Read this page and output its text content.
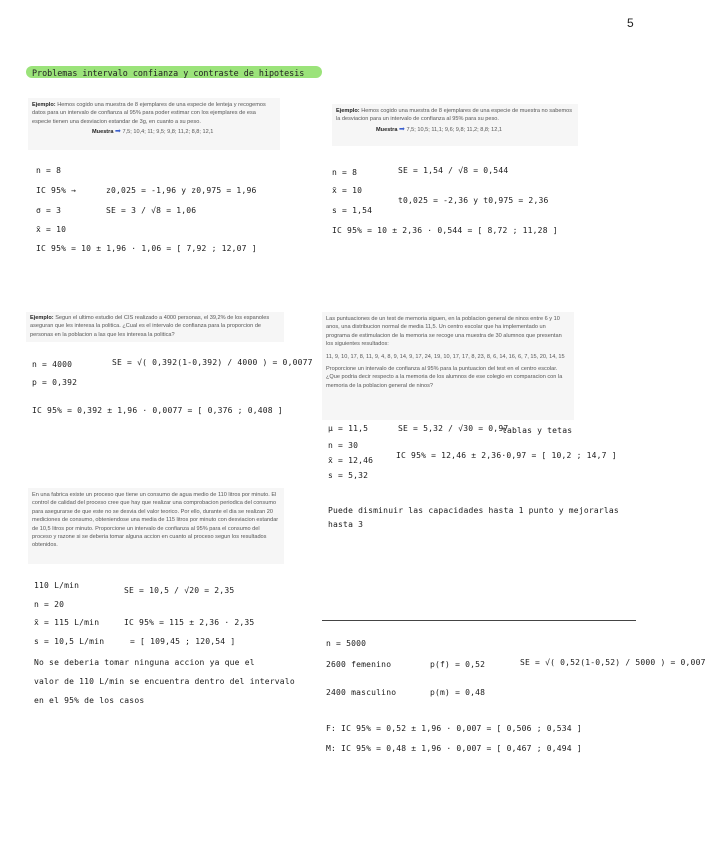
5
Problemas intervalo confianza y contraste de hipotesis
Ejemplo: Hemos cogido una muestra de 8 ejemplares de una especie de lenteja y recogemos datos para un intervalo de confianza al 95% para poder estimar con los ejemplares de esa especie tienen una desviacion estandar de 3g, en cuanto a su peso.
Muestra ➡ 7,5; 10,4; 11; 9,5; 9,8; 11,2; 8,8; 12,1
n = 8
IC 95% →	z0,025 = -1,96 y z0,975 = 1,96
σ = 3	SE = 3 / √8 = 1,06
x̄ = 10
IC 95% = 10 ± 1,96 · 1,06 = [ 7,92 ; 12,07 ]
Ejemplo: Hemos cogido una muestra de 8 ejemplares de una especie de muestra no sabemos la desviacion para un intervalo de confianza al 95% para su peso.
Muestra ➡ 7,5; 10,5; 11,1; 9,6; 9,8; 11,2; 8,8; 12,1
n = 8	SE = 1,54 / √8 = 0,544
x̄ = 10
t0,025 = -2,36 y t0,975 = 2,36
s = 1,54
IC 95% = 10 ± 2,36 · 0,544 = [ 8,72 ; 11,28 ]
Ejemplo: Segun el ultimo estudio del CIS realizado a 4000 personas, el 39,2% de los espanoles aseguran que les interesa la politica. ¿Cual es el intervalo de confianza para la proporcion de personas en la poblacion a las que les interesa la politica?
n = 4000	SE = √( 0,392(1-0,392) / 4000 ) = 0,0077
p = 0,392
IC 95% = 0,392 ± 1,96 · 0,0077 = [ 0,376 ; 0,408 ]
Las puntuaciones de un test de memoria siguen, en la poblacion general de ninos entre 6 y 10 anos, una distribucion normal de media 11,5. Un centro escolar que ha implementado un programa de estimulacion de la memoria se recoge una muestra de 30 alumnos que presentan los siguientes resultados:
11, 9, 10, 17, 8, 11, 9, 4, 8, 9, 14, 9, 17, 24, 19, 10, 17, 17, 8, 23, 8, 6, 14, 16, 6, 7, 15, 20, 14, 15
Proporcione un intervalo de confianza al 95% para la puntuacion del test en el centro escolar. ¿Que podria decir respecto a la memoria de los alumnos de ese colegio en comparacion con la memoria de la poblacion general de ninos?
μ = 11,5	SE = 5,32 / √30 = 0,97
tablas y tetas
n = 30
x̄ = 12,46
IC 95% = 12,46 ± 2,36·0,97 = [ 10,2 ; 14,7 ]
s = 5,32
Puede disminuir las capacidades hasta 1 punto y mejorarlas hasta 3
En una fabrica existe un proceso que tiene un consumo de agua medio de 110 litros por minuto. El control de calidad del proceso cree que hay que realizar una comprobacion periodica del consumo para asegurarse de que este no se desvia del valor teorico. Por ello, durante el dia se realizan 20 mediciones de consumo, obteniendose una media de 115 litros por minuto con desviacion estandar de 10,5 litros por minuto. Proporcione un intervalo de confianza al 95% para el consumo del proceso y razone si se deberia tomar alguna accion en cuanto al proceso segun los resultados obtenidos.
110 L/min
SE = 10,5 / √20 = 2,35
n = 20
x̄ = 115 L/min	IC 95% = 115 ± 2,36 · 2,35
s = 10,5 L/min	= [ 109,45 ; 120,54 ]
No se deberia tomar ninguna accion ya que el
valor de 110 L/min se encuentra dentro del intervalo
en el 95% de los casos
n = 5000
2600 femenino	p(f) = 0,52	SE = √( 0,52(1-0,52) / 5000 ) = 0,007
2400 masculino	p(m) = 0,48
F: IC 95% = 0,52 ± 1,96 · 0,007 = [ 0,506 ; 0,534 ]
M: IC 95% = 0,48 ± 1,96 · 0,007 = [ 0,467 ; 0,494 ]
